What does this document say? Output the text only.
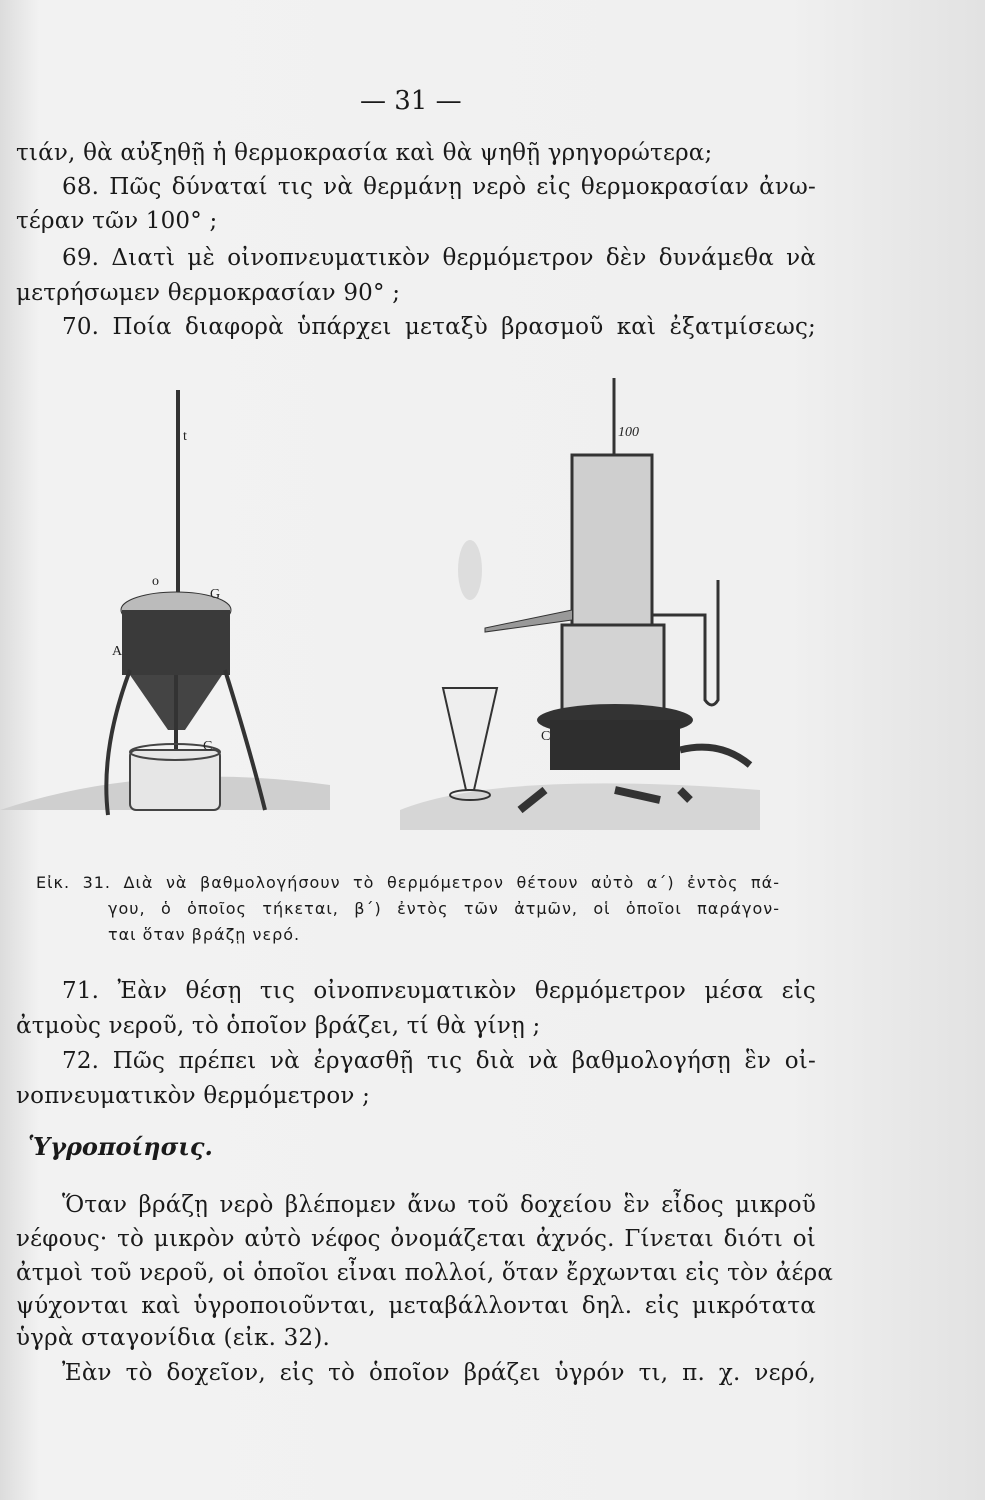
— 31 —
τιάν, θὰ αὐξηθῇ ἡ θερμοκρασία καὶ θὰ ψηθῇ γρηγορώτερα;
68. Πῶς δύναταί τις νὰ θερμάνῃ νερὸ εἰς θερμοκρασίαν ἀνω-
τέραν τῶν 100° ;
69. Διατὶ μὲ οἰνοπνευματικὸν θερμόμετρον δὲν δυνάμεθα νὰ
μετρήσωμεν θερμοκρασίαν 90° ;
70. Ποία διαφορὰ ὑπάρχει μεταξὺ βρασμοῦ καὶ ἐξατμίσεως;
t
o
G
A
C
100
C
Εἰκ. 31. Διὰ νὰ βαθμολογήσουν τὸ θερμόμετρον θέτουν αὐτὸ α΄) ἐντὸς πά-
γου, ὁ ὁποῖος τήκεται, β΄) ἐντὸς τῶν ἀτμῶν, οἱ ὁποῖοι παράγον-
ται ὅταν βράζῃ νερό.
71. Ἐὰν θέσῃ τις οἰνοπνευματικὸν θερμόμετρον μέσα εἰς
ἀτμοὺς νεροῦ, τὸ ὁποῖον βράζει, τί θὰ γίνῃ ;
72. Πῶς πρέπει νὰ ἐργασθῇ τις διὰ νὰ βαθμολογήσῃ ἓν οἰ-
νοπνευματικὸν θερμόμετρον ;
Ὑγροποίησις.
Ὅταν βράζῃ νερὸ βλέπομεν ἄνω τοῦ δοχείου ἓν εἶδος μικροῦ
νέφους· τὸ μικρὸν αὐτὸ νέφος ὀνομάζεται ἀχνός. Γίνεται διότι οἱ
ἀτμοὶ τοῦ νεροῦ, οἱ ὁποῖοι εἶναι πολλοί, ὅταν ἔρχωνται εἰς τὸν ἀέρα
ψύχονται καὶ ὑγροποιοῦνται, μεταβάλλονται δηλ. εἰς μικρότατα
ὑγρὰ σταγονίδια (εἰκ. 32).
Ἐὰν τὸ δοχεῖον, εἰς τὸ ὁποῖον βράζει ὑγρόν τι, π. χ. νερό,
